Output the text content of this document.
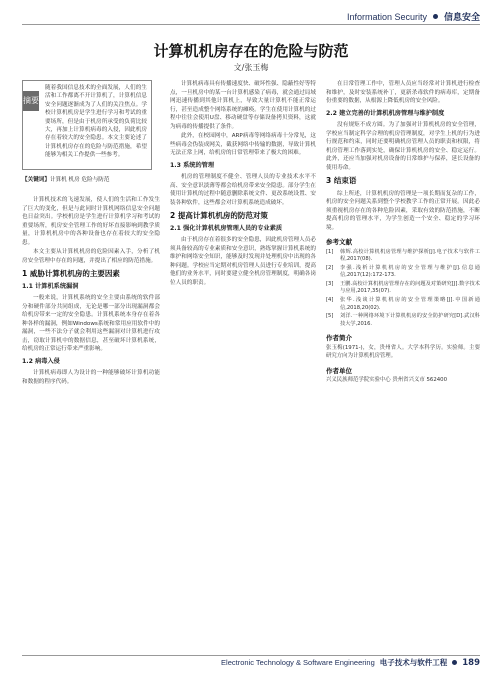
Information Security 信息安全
计算机机房存在的危险与防范
文/张玉梅
摘要
随着我国信息技术的全面发展，人们的生活和工作都离不开计算机了，计算机信息安全问题逐渐成为了人们的关注焦点。学校计算机机房是学生进行学习和考试的重要场所，但是由于机房所承受的负荷比较大，再加上计算机病毒的入侵，因此机房存在着较大的安全隐患。本文主要论述了计算机机房存在的危险与防范措施，希望能够为相关工作提供一些参考。
【关键词】计算机 机房 危险与防范

计算机技术的飞速发展，使人们的生活和工作发生了巨大的变化，但是与此同时计算机网络信息安全问题也日益突出。学校机房是学生进行计算机学习和考试的重要场所，机房安全管理工作的好坏直接影响到教学质量，计算机机房中的各种设备也存在着较大的安全隐患。

本文主要从计算机机房的危险因素入手，分析了机房安全管理中存在的问题，并提出了相应的防范措施。

1 威胁计算机机房的主要因素
1.1 计算机系统漏洞

一般来说，计算机系统的安全主要由系统的软件部分和硬件部分共同组成，无论是哪一部分出现漏洞都会给机房带来一定的安全隐患。计算机系统本身存在着各种各样的漏洞，例如Windows系统和常用应用软件中的漏洞，一些不法分子就会利用这些漏洞对计算机进行攻击，窃取计算机中的数据信息，甚至破坏计算机系统，给机房的正常运行带来严重影响。

1.2 病毒入侵

计算机病毒即人为设计的一种能够破坏计算机功能和数据的程序代码。

计算机病毒具有传播速度快、破坏性强、隐蔽性好等特点，一旦机房中的某一台计算机感染了病毒，就会通过局域网迅速传播到其他计算机上，导致大量计算机不能正常运行，甚至造成整个网络系统的瘫痪。学生在使用计算机的过程中往往会使用U盘、移动硬盘等存储设备拷贝资料，这就为病毒的传播提供了条件。

此外，在校园网中，ARP病毒等网络病毒十分常见，这些病毒会伪装成网关，截获网络中传输的数据，导致计算机无法正常上网，给机房的日常管理带来了极大的困难。

1.3 系统的管理

机房的管理制度不健全、管理人员的专业技术水平不高、安全意识淡薄等都会给机房带来安全隐患。部分学生在使用计算机的过程中随意删除系统文件、更改系统设置、安装各种软件，这些都会对计算机系统造成破坏。

2 提高计算机机房的防范对策
2.1 强化计算机机房管理人员的专业素质

由于机房存在着很多的安全隐患，因此机房管理人员必须具备较高的专业素质和安全意识，熟练掌握计算机系统的维护和网络安全知识，能够及时发现并处理机房中出现的各种问题。学校应当定期对机房管理人员进行专业培训，提高他们的业务水平，同时要建立健全机房管理制度，明确各岗位人员的职责。

在日常管理工作中，管理人员应当经常对计算机进行检查和维护，及时安装系统补丁，更新杀毒软件的病毒库，定期备份重要的数据，从根源上降低机房的安全风险。

2.2 建立完善的计算机机房管理与维护制度

没有规矩不成方圆。为了加强对计算机机房的安全管理，学校应当制定科学合理的机房管理制度，对学生上机的行为进行规范和约束，同时还要明确机房管理人员的职责和权限，将机房管理工作落到实处，确保计算机机房的安全、稳定运行。此外，还应当加强对机房设备的日常维护与保养，延长设备的使用寿命。

3 结束语

综上所述，计算机机房的管理是一项长期而复杂的工作，机房的安全问题关系到整个学校教学工作的正常开展。因此必须重视机房存在的各种危险因素，采取有效的防范措施，不断提高机房的管理水平，为学生创造一个安全、稳定的学习环境。

参考文献
[1]	韩辉.高校计算机机房管理与维护探析[J].电子技术与软件工程,2017(08).
[2]	李强.浅析计算机机房的安全管理与维护[J].信息通信,2017(12):172-173.
[3]	王鹏.高校计算机机房管理存在的问题及对策研究[J].数字技术与应用,2017,35(07).
[4]	张华.浅谈计算机机房的安全管理策略[J].中国新通信,2018,20(02).
[5]	刘洋.一种网络环境下计算机机房的安全防护研究[D].武汉科技大学,2016.
作者简介
张玉梅(1971-)，女，贵州省人。大学本科学历。实验师。主要研究方向为计算机机房管理。
作者单位
兴义民族师范学院实验中心 贵州省兴义市 562400
Electronic Technology & Software Engineering 电子技术与软件工程 189
